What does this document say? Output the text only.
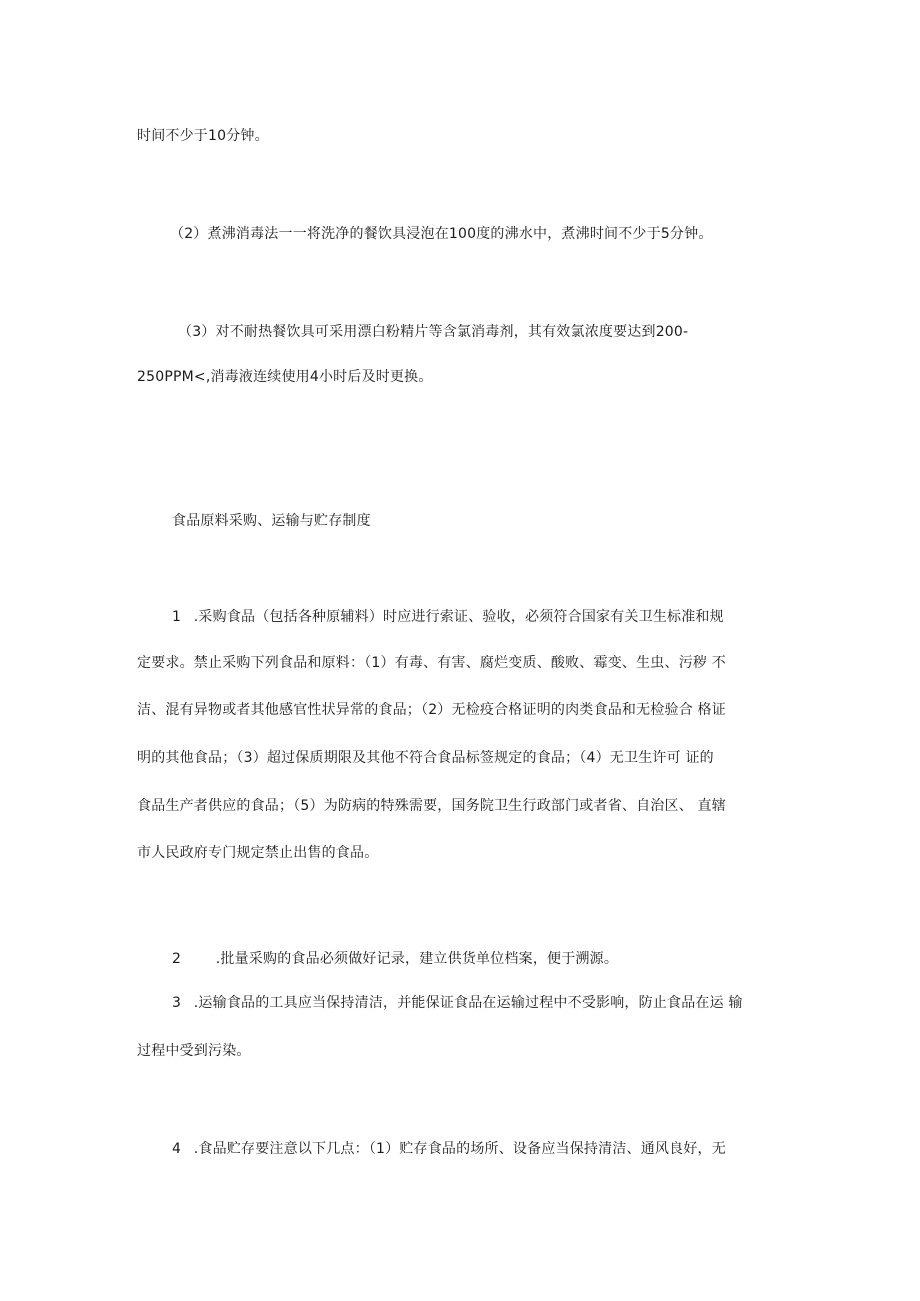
时间不少于10分钟。
（2）煮沸消毒法一一将洗净的餐饮具浸泡在100度的沸水中，煮沸时间不少于5分钟。
（3）对不耐热餐饮具可采用漂白粉精片等含氯消毒剂，其有效氯浓度要达到200-
250PPM<,消毒液连续使用4小时后及时更换。
食品原料采购、运输与贮存制度
1 .采购食品（包括各种原辅料）时应进行索证、验收，必须符合国家有关卫生标准和规
定要求。禁止采购下列食品和原料：（1）有毒、有害、腐烂变质、酸败、霉变、生虫、污秽 不
洁、混有异物或者其他感官性状异常的食品；（2）无检疫合格证明的肉类食品和无检验合 格证
明的其他食品；（3）超过保质期限及其他不符合食品标签规定的食品；（4）无卫生许可 证的
食品生产者供应的食品；（5）为防病的特殊需要，国务院卫生行政部门或者省、自治区、 直辖
市人民政府专门规定禁止出售的食品。
2 .批量采购的食品必须做好记录，建立供货单位档案，便于溯源。
3 .运输食品的工具应当保持清洁，并能保证食品在运输过程中不受影响，防止食品在运 输
过程中受到污染。
4 .食品贮存要注意以下几点：（1）贮存食品的场所、设备应当保持清洁、通风良好，无
